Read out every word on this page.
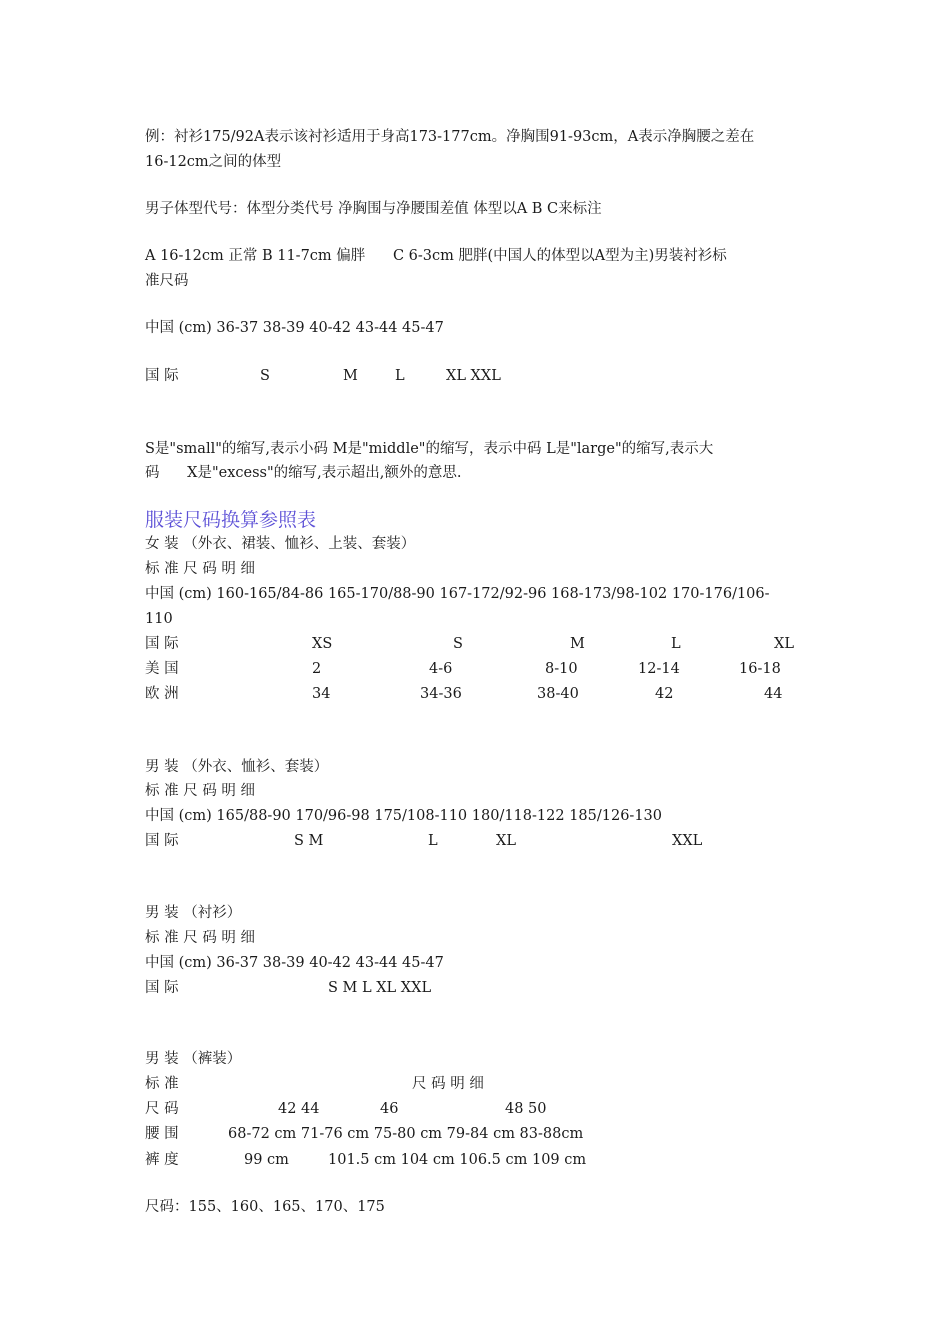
例：衬衫175/92A表示该衬衫适用于身高173-177cm。净胸围91-93cm，A表示净胸腰之差在
16-12cm之间的体型
男子体型代号：体型分类代号 净胸围与净腰围差值 体型以A B C来标注
A 16-12cm 正常 B 11-7cm 偏胖      C 6-3cm 肥胖(中国人的体型以A型为主)男装衬衫标
准尺码
中国 (cm) 36-37 38-39 40-42 43-44 45-47
国 际	S	M	L	XL XXL
S是"small"的缩写,表示小码 M是"middle"的缩写，表示中码 L是"large"的缩写,表示大
码      X是"excess"的缩写,表示超出,额外的意思.
服装尺码换算参照表
女 装 （外衣、裙装、恤衫、上装、套装）
标 准 尺 码 明 细
中国 (cm) 160-165/84-86 165-170/88-90 167-172/92-96 168-173/98-102 170-176/106-
110
国 际	XS	S	M	L	XL
美 国	2	4-6	8-10	12-14	16-18
欧 洲	34	34-36	38-40	42	44
男 装 （外衣、恤衫、套装）
标 准 尺 码 明 细
中国 (cm) 165/88-90 170/96-98 175/108-110 180/118-122 185/126-130
国 际	S M	L	XL	XXL
男 装 （衬衫）
标 准 尺 码 明 细
中国 (cm) 36-37 38-39 40-42 43-44 45-47
国 际	S M L XL XXL
男 装 （裤装）
标 准	尺 码 明 细
尺 码	42 44	46	48 50
腰 围	68-72 cm 71-76 cm 75-80 cm 79-84 cm 83-88cm
裤 度	99 cm	101.5 cm 104 cm 106.5 cm 109 cm
尺码：155、160、165、170、175
